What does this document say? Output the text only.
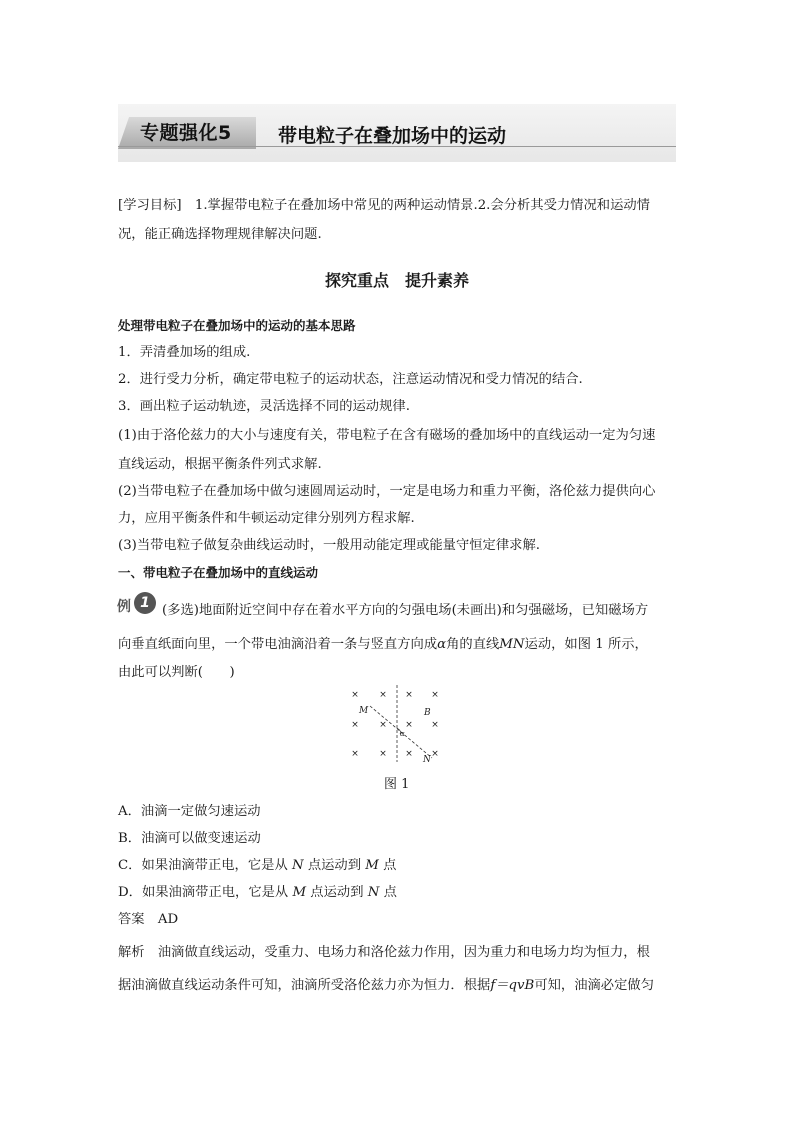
专题强化5 带电粒子在叠加场中的运动
[学习目标]　1.掌握带电粒子在叠加场中常见的两种运动情景.2.会分析其受力情况和运动情
况，能正确选择物理规律解决问题.
探究重点　提升素养
处理带电粒子在叠加场中的运动的基本思路
1．弄清叠加场的组成.
2．进行受力分析，确定带电粒子的运动状态，注意运动情况和受力情况的结合.
3．画出粒子运动轨迹，灵活选择不同的运动规律.
(1)由于洛伦兹力的大小与速度有关，带电粒子在含有磁场的叠加场中的直线运动一定为匀速
直线运动，根据平衡条件列式求解.
(2)当带电粒子在叠加场中做匀速圆周运动时，一定是电场力和重力平衡，洛伦兹力提供向心
力，应用平衡条件和牛顿运动定律分别列方程求解.
(3)当带电粒子做复杂曲线运动时，一般用动能定理或能量守恒定律求解.
一、带电粒子在叠加场中的直线运动
例 1 (多选)地面附近空间中存在着水平方向的匀强电场(未画出)和匀强磁场，已知磁场方
向垂直纸面向里，一个带电油滴沿着一条与竖直方向成α角的直线MN运动，如图 1 所示，
由此可以判断(　　)
× × × ×
× × × ×
× × × ×
M	B
α
N
图 1
A．油滴一定做匀速运动
B．油滴可以做变速运动
C．如果油滴带正电，它是从 N 点运动到 M 点
D．如果油滴带正电，它是从 M 点运动到 N 点
答案　 AD
解析　 油滴做直线运动，受重力、电场力和洛伦兹力作用，因为重力和电场力均为恒力，根
据油滴做直线运动条件可知，油滴所受洛伦兹力亦为恒力．根据f＝qvB可知，油滴必定做匀
